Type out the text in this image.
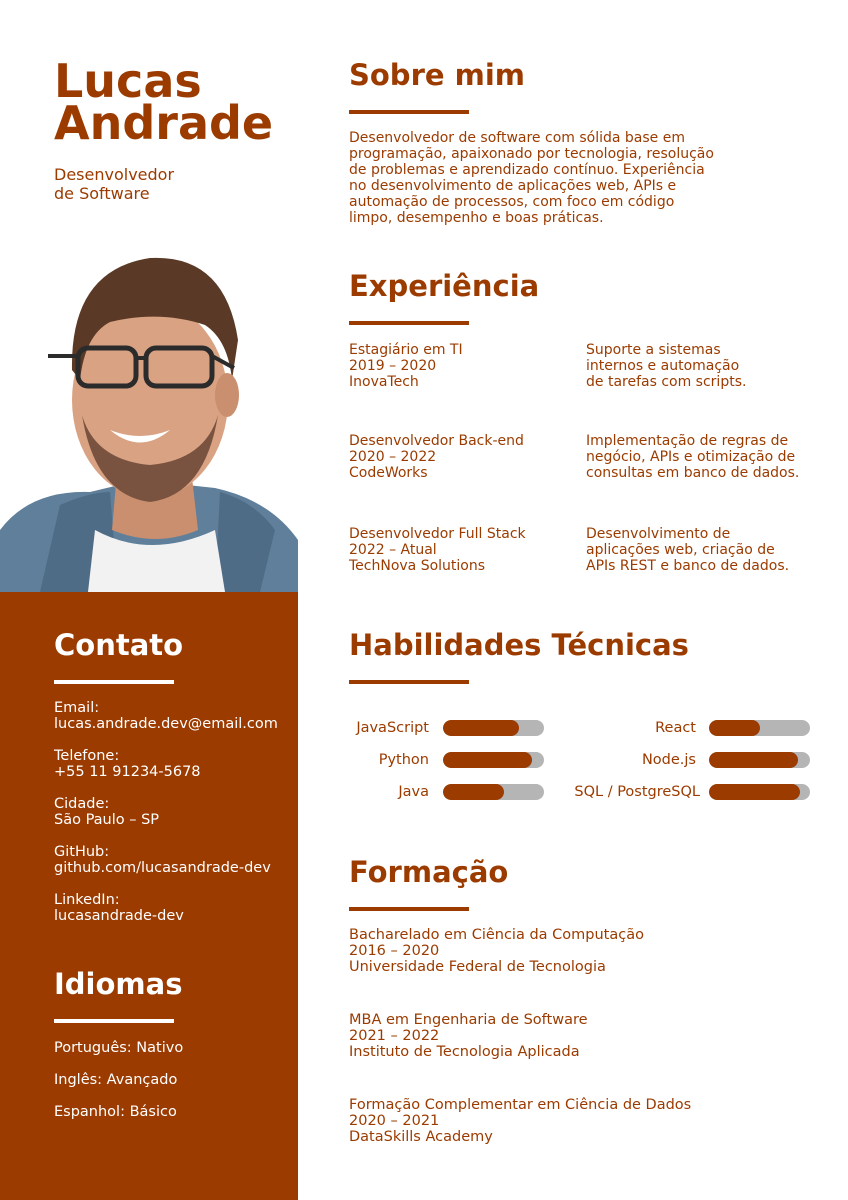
Lucas
Andrade
Desenvolvedor
de Software
Contato
Email:
lucas.andrade.dev@email.com
Telefone:
+55 11 91234-5678
Cidade:
São Paulo – SP
GitHub:
github.com/lucasandrade-dev
LinkedIn:
lucasandrade-dev
Idiomas
Português: Nativo
Inglês: Avançado
Espanhol: Básico
Sobre mim
Desenvolvedor de software com sólida base em
programação, apaixonado por tecnologia, resolução
de problemas e aprendizado contínuo. Experiência
no desenvolvimento de aplicações web, APIs e
automação de processos, com foco em código
limpo, desempenho e boas práticas.
Experiência
Estagiário em TI
2019 – 2020
InovaTech
Suporte a sistemas
internos e automação
de tarefas com scripts.
Desenvolvedor Back-end
2020 – 2022
CodeWorks
Implementação de regras de
negócio, APIs e otimização de
consultas em banco de dados.
Desenvolvedor Full Stack
2022 – Atual
TechNova Solutions
Desenvolvimento de
aplicações web, criação de
APIs REST e banco de dados.
Habilidades Técnicas
JavaScript	React
Python	Node.js
Java	SQL / PostgreSQL
Formação
Bacharelado em Ciência da Computação
2016 – 2020
Universidade Federal de Tecnologia
MBA em Engenharia de Software
2021 – 2022
Instituto de Tecnologia Aplicada
Formação Complementar em Ciência de Dados
2020 – 2021
DataSkills Academy
